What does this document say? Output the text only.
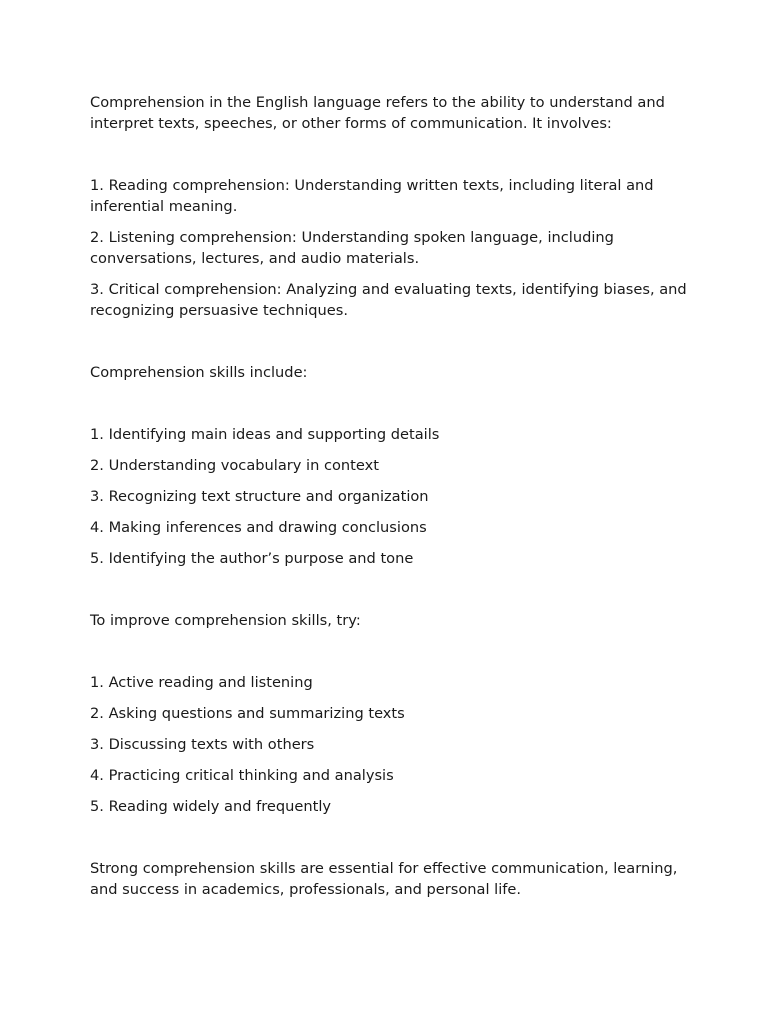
Comprehension in the English language refers to the ability to understand and interpret texts, speeches, or other forms of communication. It involves:

1. Reading comprehension: Understanding written texts, including literal and inferential meaning.

2. Listening comprehension: Understanding spoken language, including conversations, lectures, and audio materials.

3. Critical comprehension: Analyzing and evaluating texts, identifying biases, and recognizing persuasive techniques.

Comprehension skills include:

1. Identifying main ideas and supporting details

2. Understanding vocabulary in context

3. Recognizing text structure and organization

4. Making inferences and drawing conclusions

5. Identifying the author’s purpose and tone

To improve comprehension skills, try:

1. Active reading and listening

2. Asking questions and summarizing texts

3. Discussing texts with others

4. Practicing critical thinking and analysis

5. Reading widely and frequently

Strong comprehension skills are essential for effective communication, learning, and success in academics, professionals, and personal life.
